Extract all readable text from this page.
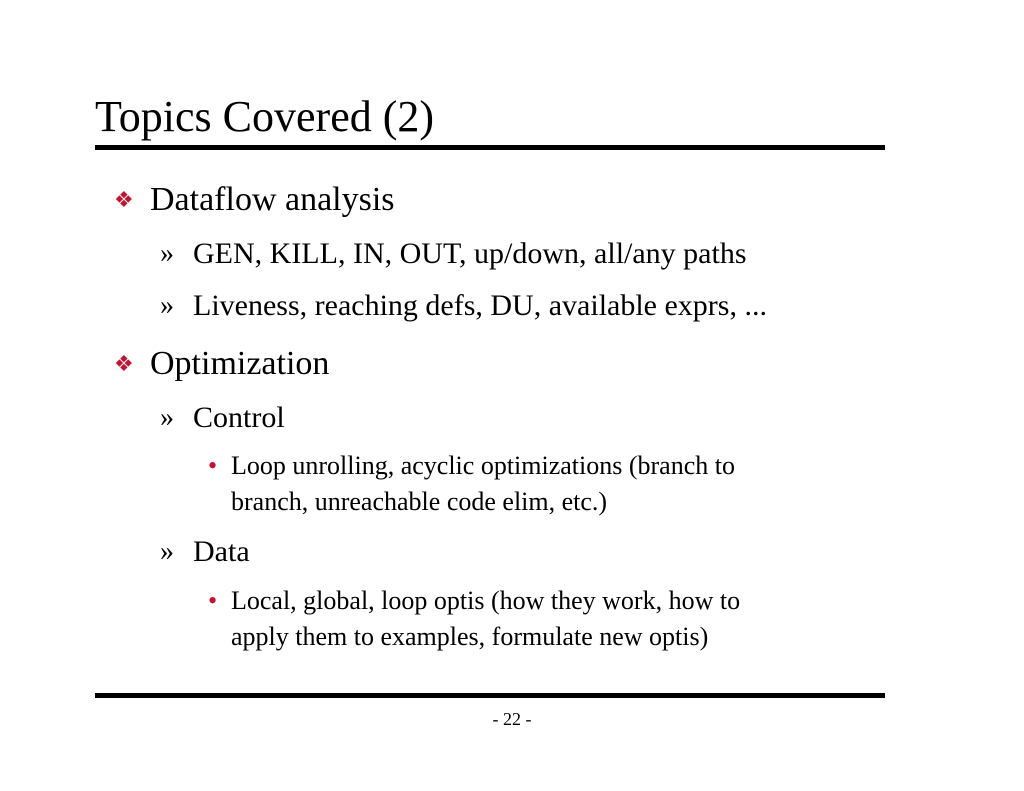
Topics Covered (2)
❖ Dataflow analysis
» GEN, KILL, IN, OUT, up/down, all/any paths
» Liveness, reaching defs, DU, available exprs, ...
❖ Optimization
» Control
• Loop unrolling, acyclic optimizations (branch to
branch, unreachable code elim, etc.)
» Data
• Local, global, loop optis (how they work, how to
apply them to examples, formulate new optis)
- 22 -
